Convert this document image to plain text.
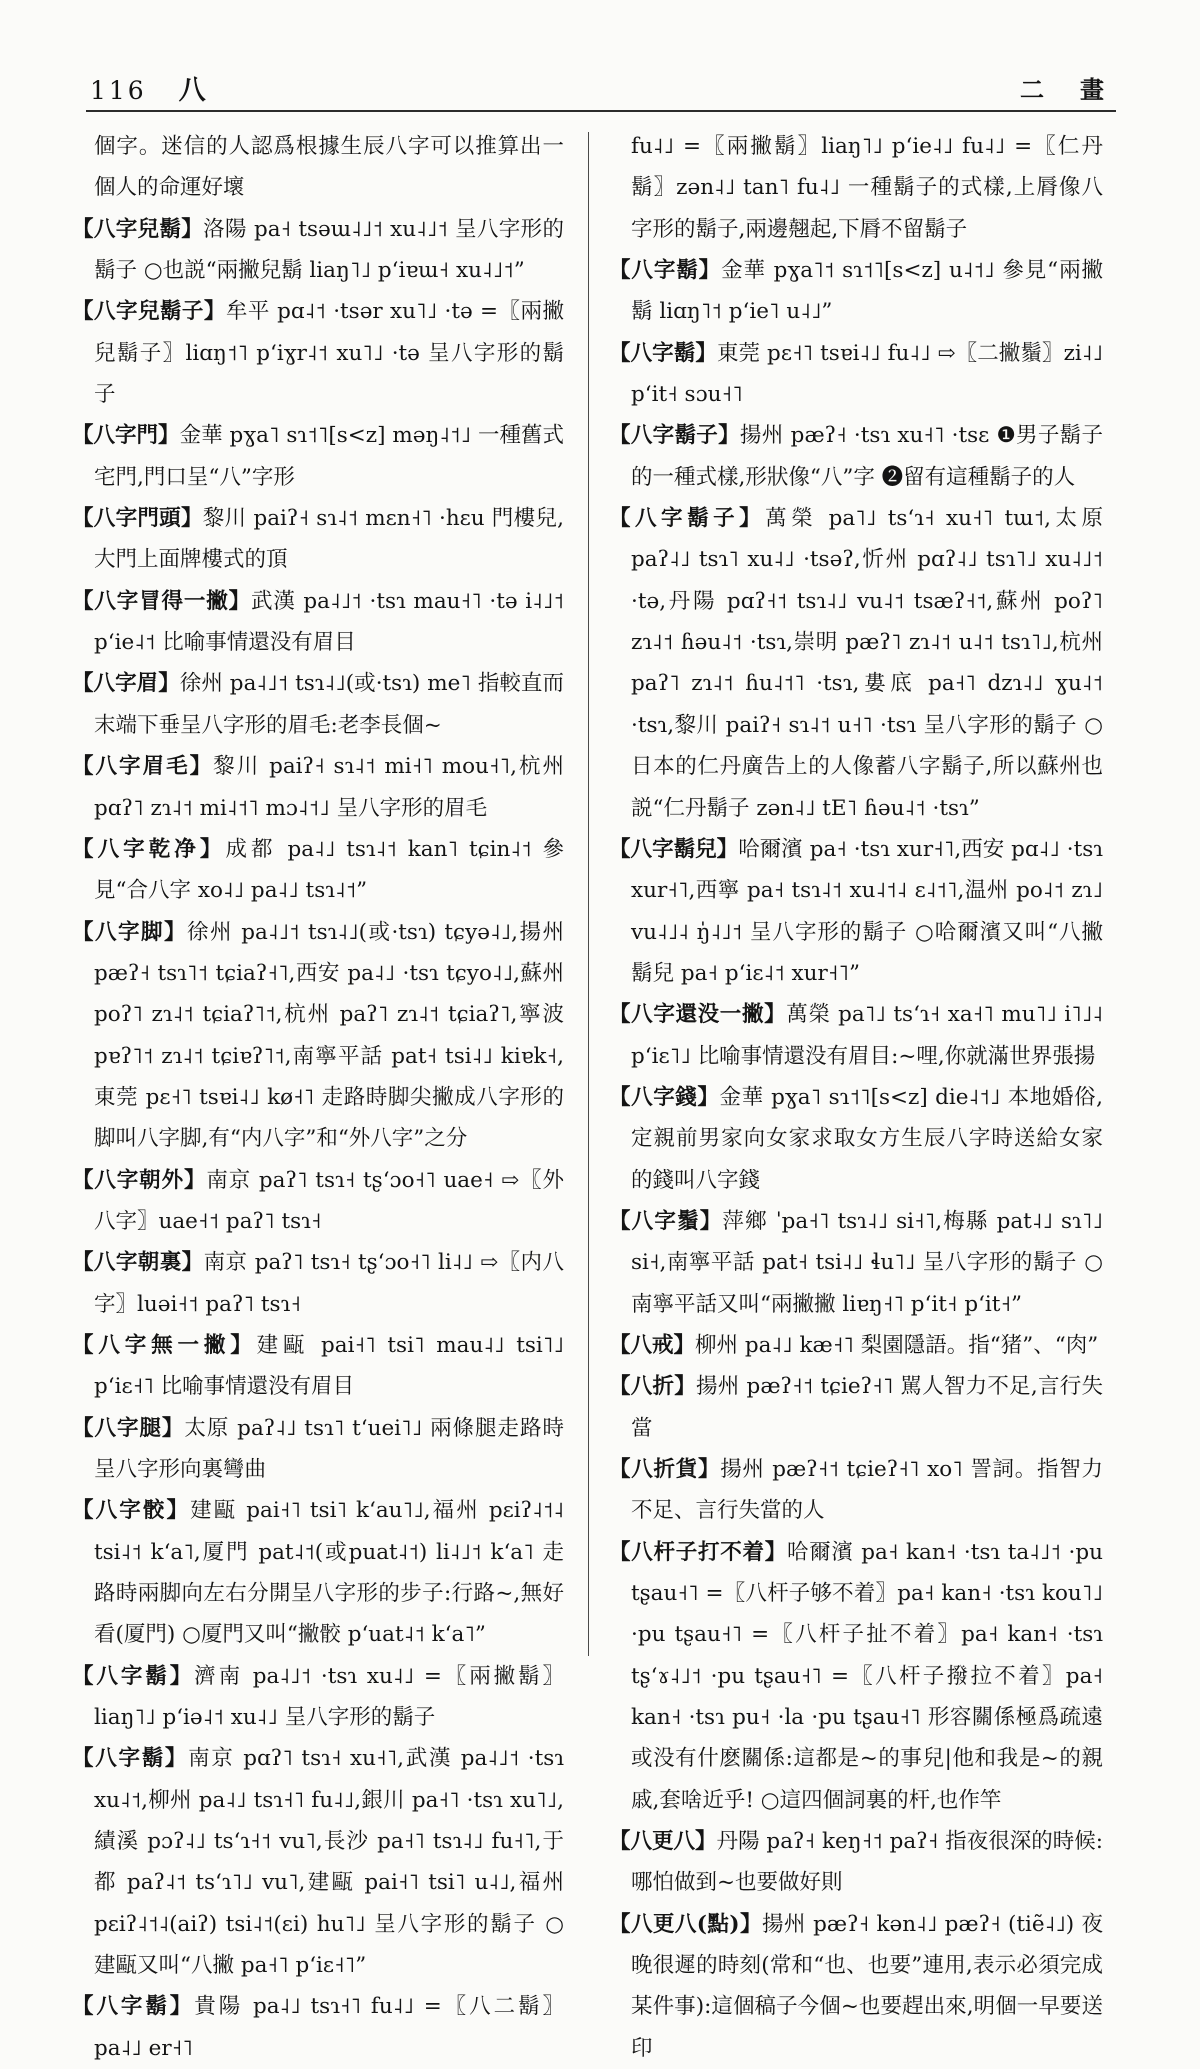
116 八	二　畫

個字。迷信的人認爲根據生辰八字可以推算出一個人的命運好壞

【八字兒鬍】洛陽 pa˧ tsəɯ˨˩˦ xu˨˩˦ 呈八字形的鬍子 ○也説“兩撇兒鬍 liaŋ˥˩ pʻiɐɯ˧ xu˨˩˦”

【八字兒鬍子】牟平 pɑ˨˦ ·tsər xu˥˩ ·tə =〖兩撇兒鬍子〗liɑŋ˦˥ pʻiɣr˨˦ xu˥˩ ·tə 呈八字形的鬍子

【八字門】金華 pɣa˥ sɿ˦˥[s<z] məŋ˨˦˩ 一種舊式宅門,門口呈“八”字形

【八字門頭】黎川 paiʔ˧ sɿ˨˦ mɛn˧˥ ·hɛu 門樓兒,大門上面牌樓式的頂

【八字冒得一撇】武漢 pa˨˩˦ ·tsɿ mau˧˥ ·tə i˨˩˦ pʻie˨˦ 比喻事情還没有眉目

【八字眉】徐州 pa˨˩˦ tsɿ˨˩(或·tsɿ) me˥ 指較直而末端下垂呈八字形的眉毛:老李長個~

【八字眉毛】黎川 paiʔ˧ sɿ˨˦ mi˧˥ mou˧˥,杭州 pɑʔ˥ zɿ˨˦ mi˨˦˥ mɔ˨˦˩ 呈八字形的眉毛

【八字乾净】成都 pa˨˩ tsɿ˨˦ kan˥ tɕin˨˦ 參見“合八字 xo˨˩ pa˨˩ tsɿ˨˦”

【八字脚】徐州 pa˨˩˦ tsɿ˨˩(或·tsɿ) tɕyə˨˩,揚州 pæʔ˧ tsɿ˥˦ tɕiaʔ˧˥,西安 pa˨˩ ·tsɿ tɕyo˨˩,蘇州 poʔ˥ zɿ˨˦ tɕiaʔ˥˦,杭州 paʔ˥ zɿ˨˦ tɕiaʔ˥,寧波 pɐʔ˥˦ zɿ˨˦ tɕiɐʔ˥˦,南寧平話 pat˧ tsi˨˩ kiɐk˧,東莞 pɛ˧˥ tsɐi˨˩ kø˧˥ 走路時脚尖撇成八字形的脚叫八字脚,有“内八字”和“外八字”之分

【八字朝外】南京 paʔ˥ tsɿ˧ tʂʻɔo˧˥ uae˧ ⇨〖外八字〗uae˧˦ paʔ˥ tsɿ˧

【八字朝裏】南京 paʔ˥ tsɿ˧ tʂʻɔo˧˥ li˨˩ ⇨〖内八字〗luəi˧˦ paʔ˥ tsɿ˧

【八字無一撇】建甌 pai˧˥ tsi˥ mau˨˩ tsi˥˩ pʻiɛ˧˥ 比喻事情還没有眉目

【八字腿】太原 paʔ˨˩ tsɿ˥ tʻuei˥˩ 兩條腿走路時呈八字形向裏彎曲

【八字骹】建甌 pai˧˥ tsi˥ kʻau˥˩,福州 pɛiʔ˨˦˨ tsi˨˦ kʻa˥,厦門 pat˨˦(或puat˨˦) li˨˩˦ kʻa˥ 走路時兩脚向左右分開呈八字形的步子:行路~,無好看(厦門) ○厦門又叫“撇骹 pʻuat˨˦ kʻa˥”

【八字鬍】濟南 pa˨˩˦ ·tsɿ xu˨˩ =〖兩撇鬍〗liaŋ˥˩ pʻiə˨˦ xu˨˩ 呈八字形的鬍子

【八字鬍】南京 pɑʔ˥ tsɿ˧ xu˧˥,武漢 pa˨˩˦ ·tsɿ xu˨˦,柳州 pa˨˩ tsɿ˧˥ fu˨˩,銀川 pa˧˥ ·tsɿ xu˥˩,績溪 pɔʔ˨˩ tsʻɿ˧˦ vu˥,長沙 pa˧˥ tsɿ˨˩ fu˧˥,于都 paʔ˨˦ tsʻɿ˥˩ vu˥,建甌 pai˧˥ tsi˥ u˨˩,福州 pɛiʔ˨˦˨(aiʔ) tsi˨˦(ɛi) hu˥˩ 呈八字形的鬍子 ○建甌又叫“八撇 pa˧˥ pʻiɛ˧˥”

【八字鬍】貴陽 pa˨˩ tsɿ˧˥ fu˨˩ =〖八二鬍〗pa˨˩ er˧˥

fu˨˩ =〖兩撇鬍〗liaŋ˥˩ pʻie˨˩ fu˨˩ =〖仁丹鬍〗zən˨˩ tan˥ fu˨˩ 一種鬍子的式樣,上脣像八字形的鬍子,兩邊翹起,下脣不留鬍子

【八字鬍】金華 pɣa˥˦ sɿ˦˥[s<z] u˨˦˩ 參見“兩撇鬍 liɑŋ˥˦ pʻie˥ u˨˩”

【八字鬍】東莞 pɛ˧˥ tsɐi˨˩ fu˨˩ ⇨〖二撇鬚〗zi˨˩ pʻit˧ sɔu˧˥

【八字鬍子】揚州 pæʔ˧ ·tsɿ xu˧˥ ·tsɛ ❶男子鬍子的一種式樣,形狀像“八”字 ❷留有這種鬍子的人

【八字鬍子】萬榮 pa˥˩ tsʻɿ˧ xu˧˥ tɯ˦,太原 paʔ˨˩ tsɿ˥ xu˨˩ ·tsəʔ,忻州 pɑʔ˨˩ tsɿ˥˩ xu˨˩˦ ·tə,丹陽 pɑʔ˧˦ tsɿ˨˩ vu˨˦ tsæʔ˧˦,蘇州 poʔ˥ zɿ˨˦ ɦəu˨˦ ·tsɿ,崇明 pæʔ˥ zɿ˨˦ u˨˦ tsɿ˥˩,杭州 paʔ˥ zɿ˨˦ ɦu˨˦˥ ·tsɿ,婁底 pa˧˥ dzɿ˨˩ ɣu˨˦ ·tsɿ,黎川 paiʔ˧ sɿ˨˦ u˧˥ ·tsɿ 呈八字形的鬍子 ○日本的仁丹廣告上的人像蓄八字鬍子,所以蘇州也説“仁丹鬍子 zən˨˩ tE˥ ɦəu˨˦ ·tsɿ”

【八字鬍兒】哈爾濱 pa˧ ·tsɿ xur˧˥,西安 pɑ˨˩ ·tsɿ xur˧˥,西寧 pa˧ tsɿ˨˦ xu˨˦˨ ɛ˨˦˥,温州 po˨˦ zɿ˩ vu˨˩˨ ŋ̍˨˩˦ 呈八字形的鬍子 ○哈爾濱又叫“八撇鬍兒 pa˧ pʻiɛ˨˦ xur˧˥”

【八字還没一撇】萬榮 pa˥˩ tsʻɿ˧ xa˧˥ mu˥˩ i˥˩˨ pʻiɛ˥˩ 比喻事情還没有眉目:~哩,你就滿世界張揚

【八字錢】金華 pɣa˥ sɿ˦˥[s<z] die˨˦˩ 本地婚俗,定親前男家向女家求取女方生辰八字時送給女家的錢叫八字錢

【八字鬚】萍鄉 ˈpa˧˥ tsɿ˨˩ si˧˥,梅縣 pat˨˩ sɿ˥˩ si˧,南寧平話 pat˧ tsi˨˩ ɬu˥˩ 呈八字形的鬍子 ○南寧平話又叫“兩撇撇 liɐŋ˧˥ pʻit˧ pʻit˧”

【八戒】柳州 pa˨˩ kæ˧˥ 梨園隱語。指“猪”、“肉”

【八折】揚州 pæʔ˧˦ tɕieʔ˧˥ 駡人智力不足,言行失當

【八折貨】揚州 pæʔ˧˦ tɕieʔ˧˥ xo˥ 詈詞。指智力不足、言行失當的人

【八杆子打不着】哈爾濱 pa˧ kan˧ ·tsɿ ta˨˩˦ ·pu tʂau˧˥ =〖八杆子够不着〗pa˧ kan˧ ·tsɿ kou˥˩ ·pu tʂau˧˥ =〖八杆子扯不着〗pa˧ kan˧ ·tsɿ tʂʻɤ˨˩˦ ·pu tʂau˧˥ =〖八杆子撥拉不着〗pa˧ kan˧ ·tsɿ pu˧ ·la ·pu tʂau˧˥ 形容關係極爲疏遠或没有什麽關係:這都是~的事兒|他和我是~的親戚,套啥近乎! ○這四個詞裏的杆,也作竿

【八更八】丹陽 paʔ˧ keŋ˧˦ paʔ˧ 指夜很深的時候:哪怕做到~也要做好則

【八更八(點)】揚州 pæʔ˧ kən˨˩ pæʔ˧ (tiẽ˨˩) 夜晚很遲的時刻(常和“也、也要”連用,表示必須完成某件事):這個稿子今個~也要趕出來,明個一早要送印
